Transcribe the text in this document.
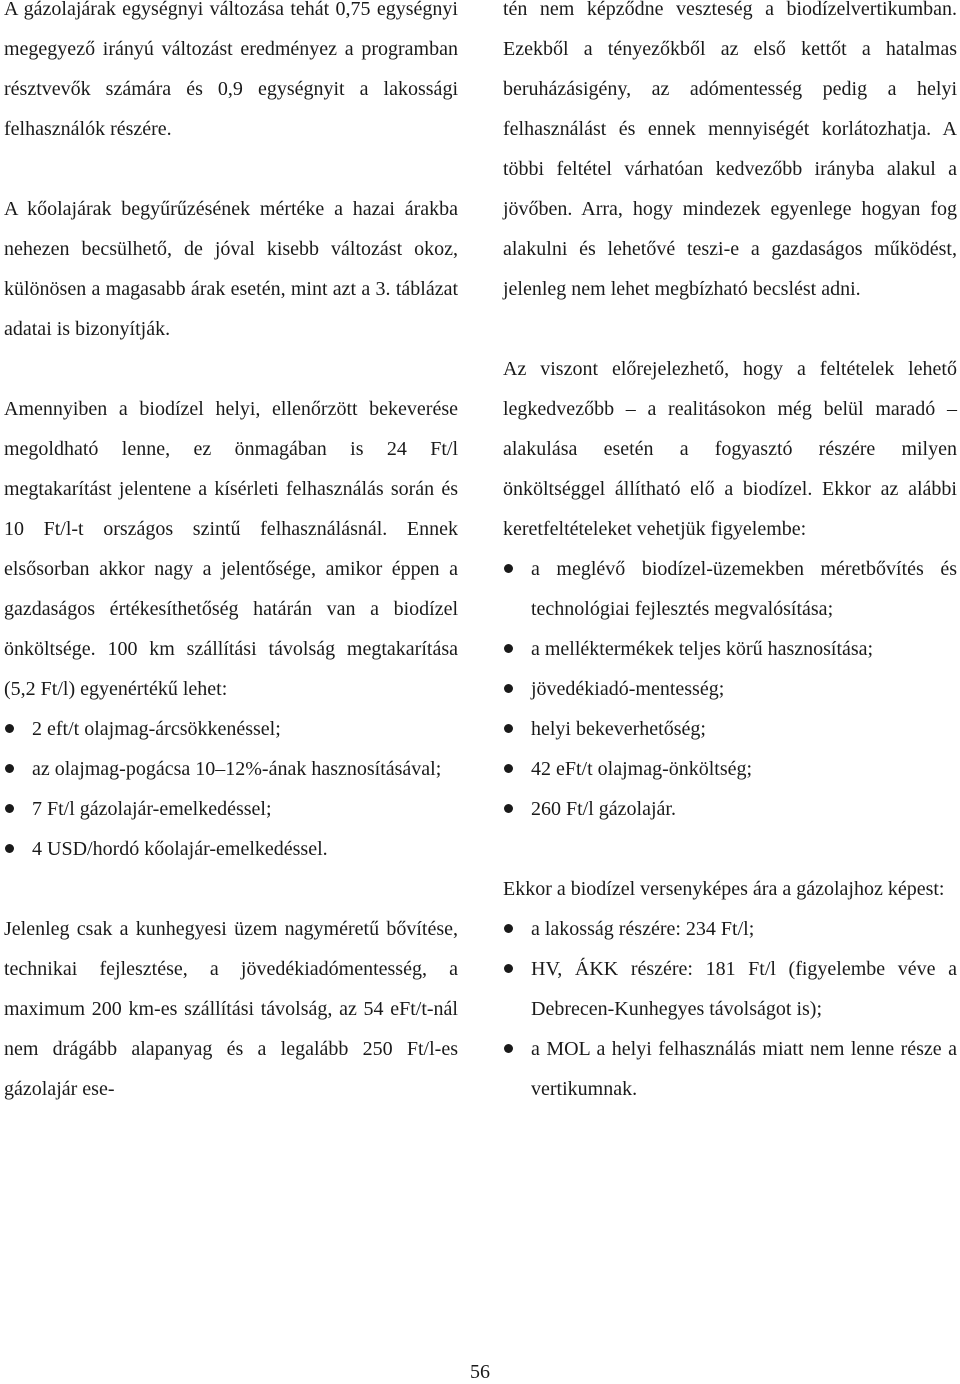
A gázolajárak egységnyi változása tehát 0,75 egységnyi megegyező irányú változást eredményez a programban résztvevők számára és 0,9 egységnyit a lakossági felhasználók részére.

A kőolajárak begyűrűzésének mértéke a hazai árakba nehezen becsülhető, de jóval kisebb változást okoz, különösen a magasabb árak esetén, mint azt a 3. táblázat adatai is bizonyítják.

Amennyiben a biodízel helyi, ellenőrzött bekeverése megoldható lenne, ez önmagában is 24 Ft/l megtakarítást jelentene a kísérleti felhasználás során és 10 Ft/l-t országos szintű felhasználásnál. Ennek elsősorban akkor nagy a jelentősége, amikor éppen a gazdaságos értékesíthetőség határán van a biodízel önköltsége. 100 km szállítási távolság megtakarítása (5,2 Ft/l) egyenértékű lehet:

2 eft/t olajmag-árcsökkenéssel;
az olajmag-pogácsa 10–12%-ának hasznosításával;
7 Ft/l gázolajár-emelkedéssel;
4 USD/hordó kőolajár-emelkedéssel.

Jelenleg csak a kunhegyesi üzem nagyméretű bővítése, technikai fejlesztése, a jövedékiadómentesség, a maximum 200 km-es szállítási távolság, az 54 eFt/t-nál nem drágább alapanyag és a legalább 250 Ft/l-es gázolajár ese-

tén nem képződne veszteség a biodízelvertikumban. Ezekből a tényezőkből az első kettőt a hatalmas beruházásigény, az adómentesség pedig a helyi felhasználást és ennek mennyiségét korlátozhatja. A többi feltétel várhatóan kedvezőbb irányba alakul a jövőben. Arra, hogy mindezek egyenlege hogyan fog alakulni és lehetővé teszi-e a gazdaságos működést, jelenleg nem lehet megbízható becslést adni.

Az viszont előrejelezhető, hogy a feltételek lehető legkedvezőbb – a realitásokon még belül maradó – alakulása esetén a fogyasztó részére milyen önköltséggel állítható elő a biodízel. Ekkor az alábbi keretfeltételeket vehetjük figyelembe:

a meglévő biodízel-üzemekben méretbővítés és technológiai fejlesztés megvalósítása;
a melléktermékek teljes körű hasznosítása;
jövedékiadó-mentesség;
helyi bekeverhetőség;
42 eFt/t olajmag-önköltség;
260 Ft/l gázolajár.

Ekkor a biodízel versenyképes ára a gázolajhoz képest:

a lakosság részére: 234 Ft/l;
HV, ÁKK részére: 181 Ft/l (figyelembe véve a Debrecen-Kunhegyes távolságot is);
a MOL a helyi felhasználás miatt nem lenne része a vertikumnak.
56
